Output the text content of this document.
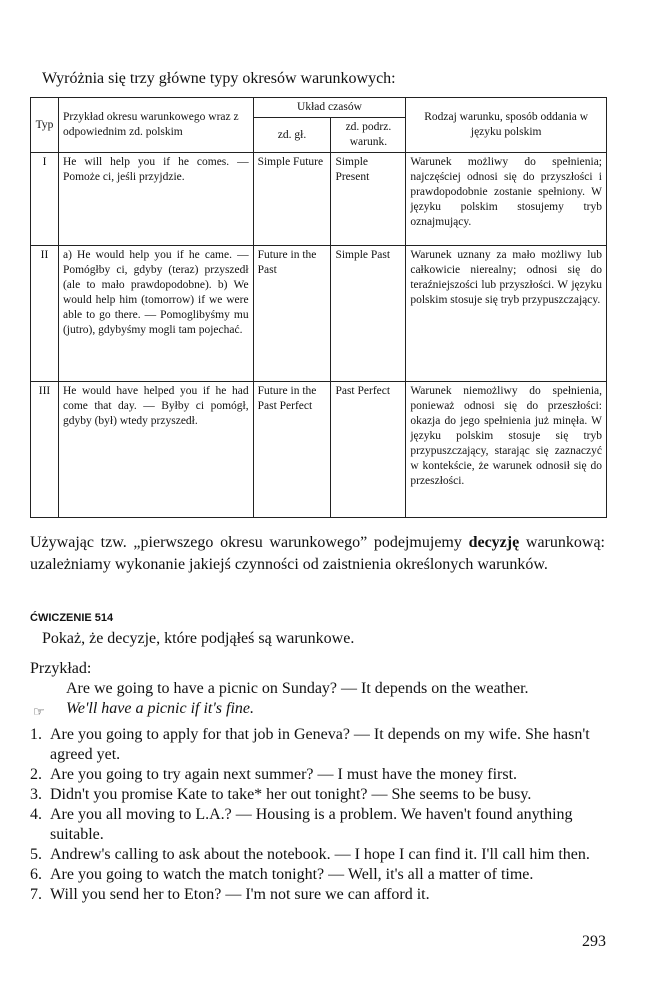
Wyróżnia się trzy główne typy okresów warunkowych:
Typ	Przykład okresu warunkowego wraz z odpowiednim zd. polskim	Układ czasów		Rodzaj warunku, sposób oddania w języku polskim
		zd. gł.	zd. podrz. warunk.	
I	He will help you if he comes. — Pomoże ci, jeśli przyjdzie.	Simple Future	Simple Present	Warunek możliwy do spełnienia; najczęściej odnosi się do przyszłości i prawdopodobnie zostanie spełniony. W języku polskim stosujemy tryb oznajmujący.
II	a) He would help you if he came. — Pomógłby ci, gdyby (teraz) przyszedł (ale to mało prawdopodobne). b) We would help him (tomorrow) if we were able to go there. — Pomoglibyśmy mu (jutro), gdybyśmy mogli tam pojechać.	Future in the Past	Simple Past	Warunek uznany za mało możliwy lub całkowicie nierealny; odnosi się do teraźniejszości lub przyszłości. W języku polskim stosuje się tryb przypuszczający.
III	He would have helped you if he had come that day. — Byłby ci pomógł, gdyby (był) wtedy przyszedł.	Future in the Past Perfect	Past Perfect	Warunek niemożliwy do spełnienia, ponieważ odnosi się do przeszłości: okazja do jego spełnienia już minęła. W języku polskim stosuje się tryb przypuszczający, starając się zaznaczyć w kontekście, że warunek odnosił się do przeszłości.
Używając tzw. „pierwszego okresu warunkowego” podejmujemy decyzję warunkową: uzależniamy wykonanie jakiejś czynności od zaistnienia określonych warunków.
ĆWICZENIE 514
Pokaż, że decyzje, które podjąłeś są warunkowe.
Przykład:
Are we going to have a picnic on Sunday? — It depends on the weather.
☞ We'll have a picnic if it's fine.
1. Are you going to apply for that job in Geneva? — It depends on my wife. She hasn't agreed yet.
2. Are you going to try again next summer? — I must have the money first.
3. Didn't you promise Kate to take* her out tonight? — She seems to be busy.
4. Are you all moving to L.A.? — Housing is a problem. We haven't found anything suitable.
5. Andrew's calling to ask about the notebook. — I hope I can find it. I'll call him then.
6. Are you going to watch the match tonight? — Well, it's all a matter of time.
7. Will you send her to Eton? — I'm not sure we can afford it.
293
